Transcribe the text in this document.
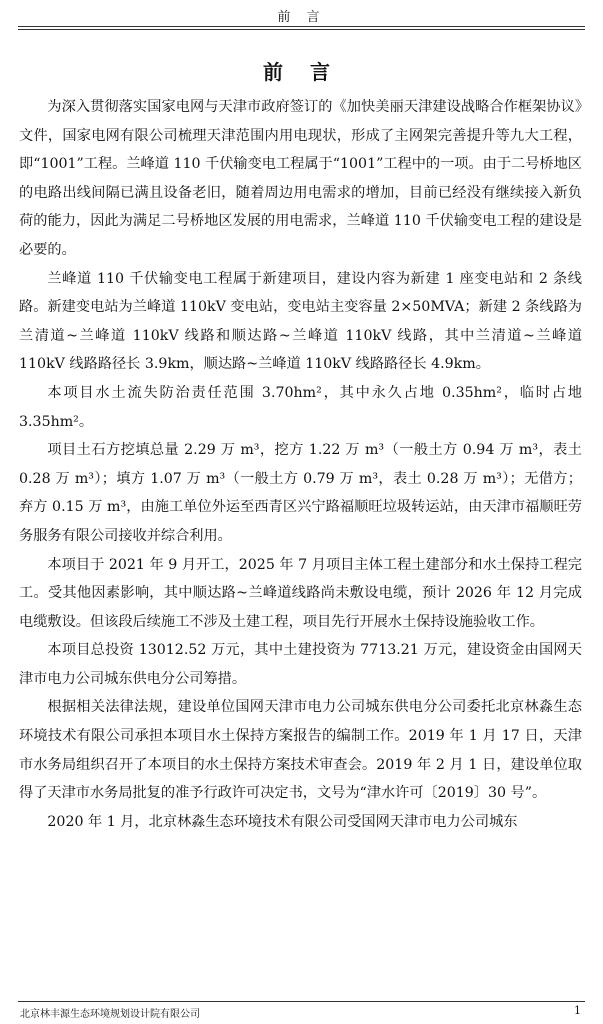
前 言
前 言

为深入贯彻落实国家电网与天津市政府签订的《加快美丽天津建设战略合作框架协议》文件，国家电网有限公司梳理天津范围内用电现状，形成了主网架完善提升等九大工程，即“1001”工程。兰峰道 110 千伏输变电工程属于“1001”工程中的一项。由于二号桥地区的电路出线间隔已满且设备老旧，随着周边用电需求的增加，目前已经没有继续接入新负荷的能力，因此为满足二号桥地区发展的用电需求，兰峰道 110 千伏输变电工程的建设是必要的。

兰峰道 110 千伏输变电工程属于新建项目，建设内容为新建 1 座变电站和 2 条线路。新建变电站为兰峰道 110kV 变电站，变电站主变容量 2×50MVA；新建 2 条线路为兰清道~兰峰道 110kV 线路和顺达路~兰峰道 110kV 线路，其中兰清道~兰峰道 110kV 线路路径长 3.9km，顺达路~兰峰道 110kV 线路路径长 4.9km。

本项目水土流失防治责任范围 3.70hm²，其中永久占地 0.35hm²，临时占地 3.35hm²。

项目土石方挖填总量 2.29 万 m³，挖方 1.22 万 m³（一般土方 0.94 万 m³，表土 0.28 万 m³）；填方 1.07 万 m³（一般土方 0.79 万 m³，表土 0.28 万 m³）；无借方；弃方 0.15 万 m³，由施工单位外运至西青区兴宁路福顺旺垃圾转运站，由天津市福顺旺劳务服务有限公司接收并综合利用。

本项目于 2021 年 9 月开工，2025 年 7 月项目主体工程土建部分和水土保持工程完工。受其他因素影响，其中顺达路~兰峰道线路尚未敷设电缆，预计 2026 年 12 月完成电缆敷设。但该段后续施工不涉及土建工程，项目先行开展水土保持设施验收工作。

本项目总投资 13012.52 万元，其中土建投资为 7713.21 万元，建设资金由国网天津市电力公司城东供电分公司筹措。

根据相关法律法规，建设单位国网天津市电力公司城东供电分公司委托北京林淼生态环境技术有限公司承担本项目水土保持方案报告的编制工作。2019 年 1 月 17 日，天津市水务局组织召开了本项目的水土保持方案技术审查会。2019 年 2 月 1 日，建设单位取得了天津市水务局批复的准予行政许可决定书，文号为“津水许可〔2019〕30 号”。

2020 年 1 月，北京林淼生态环境技术有限公司受国网天津市电力公司城东

北京林丰源生态环境规划设计院有限公司	1
